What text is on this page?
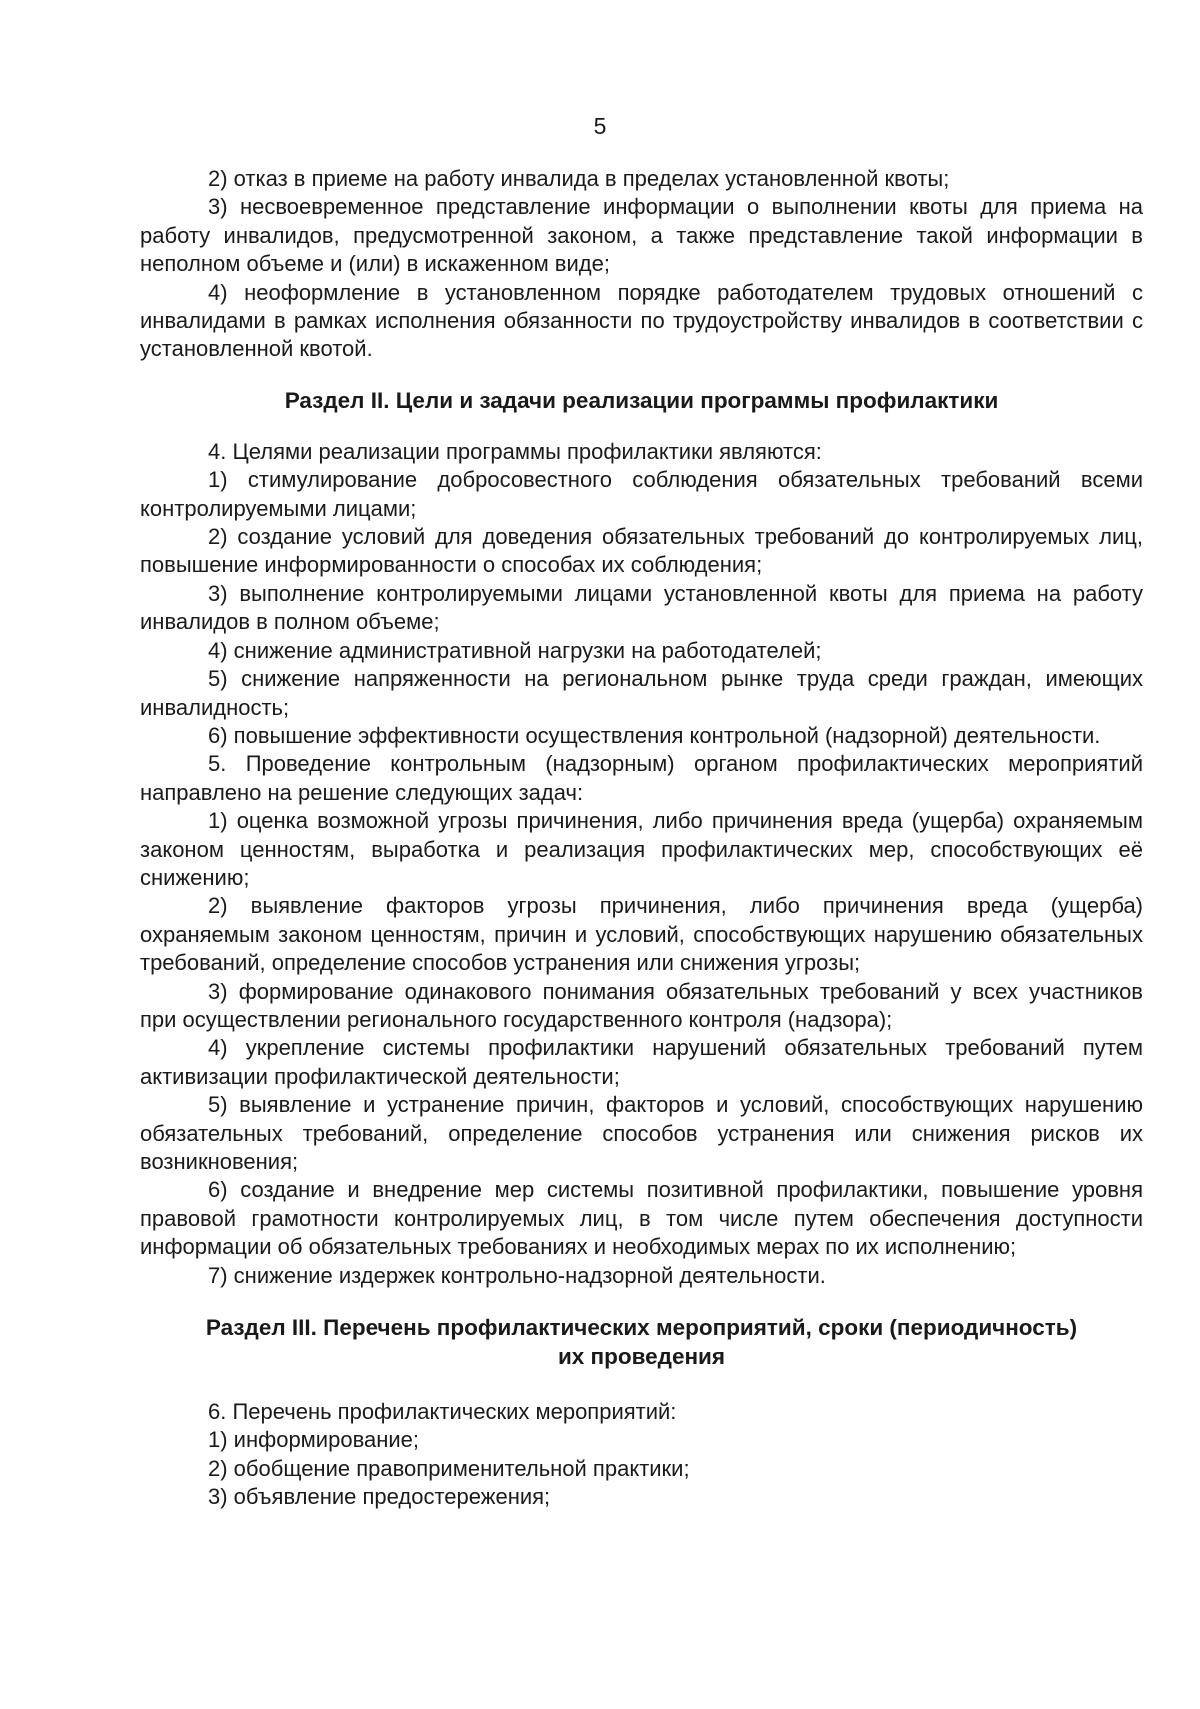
5

2) отказ в приеме на работу инвалида в пределах установленной квоты;

3) несвоевременное представление информации о выполнении квоты для приема на работу инвалидов, предусмотренной законом, а также представление такой информации в неполном объеме и (или) в искаженном виде;

4) неоформление в установленном порядке работодателем трудовых отношений с инвалидами в рамках исполнения обязанности по трудоустройству инвалидов в соответствии с установленной квотой.

Раздел II. Цели и задачи реализации программы профилактики

4. Целями реализации программы профилактики являются:

1) стимулирование добросовестного соблюдения обязательных требований всеми контролируемыми лицами;

2) создание условий для доведения обязательных требований до контролируемых лиц, повышение информированности о способах их соблюдения;

3) выполнение контролируемыми лицами установленной квоты для приема на работу инвалидов в полном объеме;

4) снижение административной нагрузки на работодателей;

5) снижение напряженности на региональном рынке труда среди граждан, имеющих инвалидность;

6) повышение эффективности осуществления контрольной (надзорной) деятельности.

5. Проведение контрольным (надзорным) органом профилактических мероприятий направлено на решение следующих задач:

1) оценка возможной угрозы причинения, либо причинения вреда (ущерба) охраняемым законом ценностям, выработка и реализация профилактических мер, способствующих её снижению;

2) выявление факторов угрозы причинения, либо причинения вреда (ущерба) охраняемым законом ценностям, причин и условий, способствующих нарушению обязательных требований, определение способов устранения или снижения угрозы;

3) формирование одинакового понимания обязательных требований у всех участников при осуществлении регионального государственного контроля (надзора);

4) укрепление системы профилактики нарушений обязательных требований путем активизации профилактической деятельности;

5) выявление и устранение причин, факторов и условий, способствующих нарушению обязательных требований, определение способов устранения или снижения рисков их возникновения;

6) создание и внедрение мер системы позитивной профилактики, повышение уровня правовой грамотности контролируемых лиц, в том числе путем обеспечения доступности информации об обязательных требованиях и необходимых мерах по их исполнению;

7) снижение издержек контрольно-надзорной деятельности.

Раздел III. Перечень профилактических мероприятий, сроки (периодичность)
их проведения

6. Перечень профилактических мероприятий:

1) информирование;

2) обобщение правоприменительной практики;

3) объявление предостережения;
